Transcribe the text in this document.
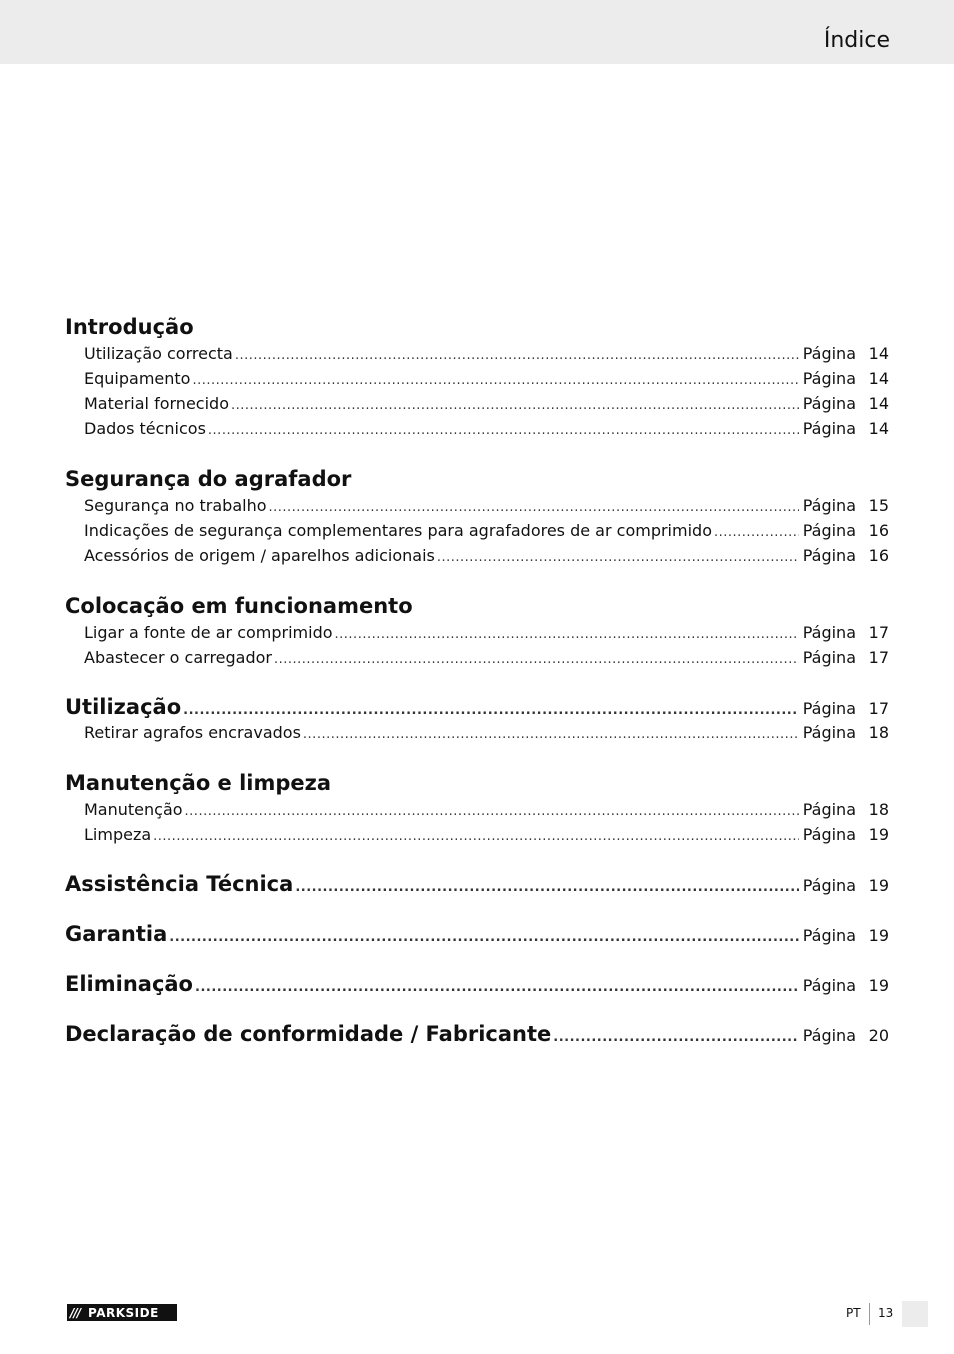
Índice
Introdução
Utilização correcta .....	Página 14
Equipamento .....	Página 14
Material fornecido .....	Página 14
Dados técnicos .....	Página 14
Segurança do agrafador
Segurança no trabalho .....	Página 15
Indicações de segurança complementares para agrafadores de ar comprimido .....	Página 16
Acessórios de origem / aparelhos adicionais .....	Página 16
Colocação em funcionamento
Ligar a fonte de ar comprimido .....	Página 17
Abastecer o carregador .....	Página 17
Utilização .....	Página 17
Retirar agrafos encravados .....	Página 18
Manutenção e limpeza
Manutenção .....	Página 18
Limpeza .....	Página 19
Assistência Técnica .....	Página 19
Garantia .....	Página 19
Eliminação .....	Página 19
Declaração de conformidade / Fabricante .....	Página 20
/// PARKSIDE	PT 13
